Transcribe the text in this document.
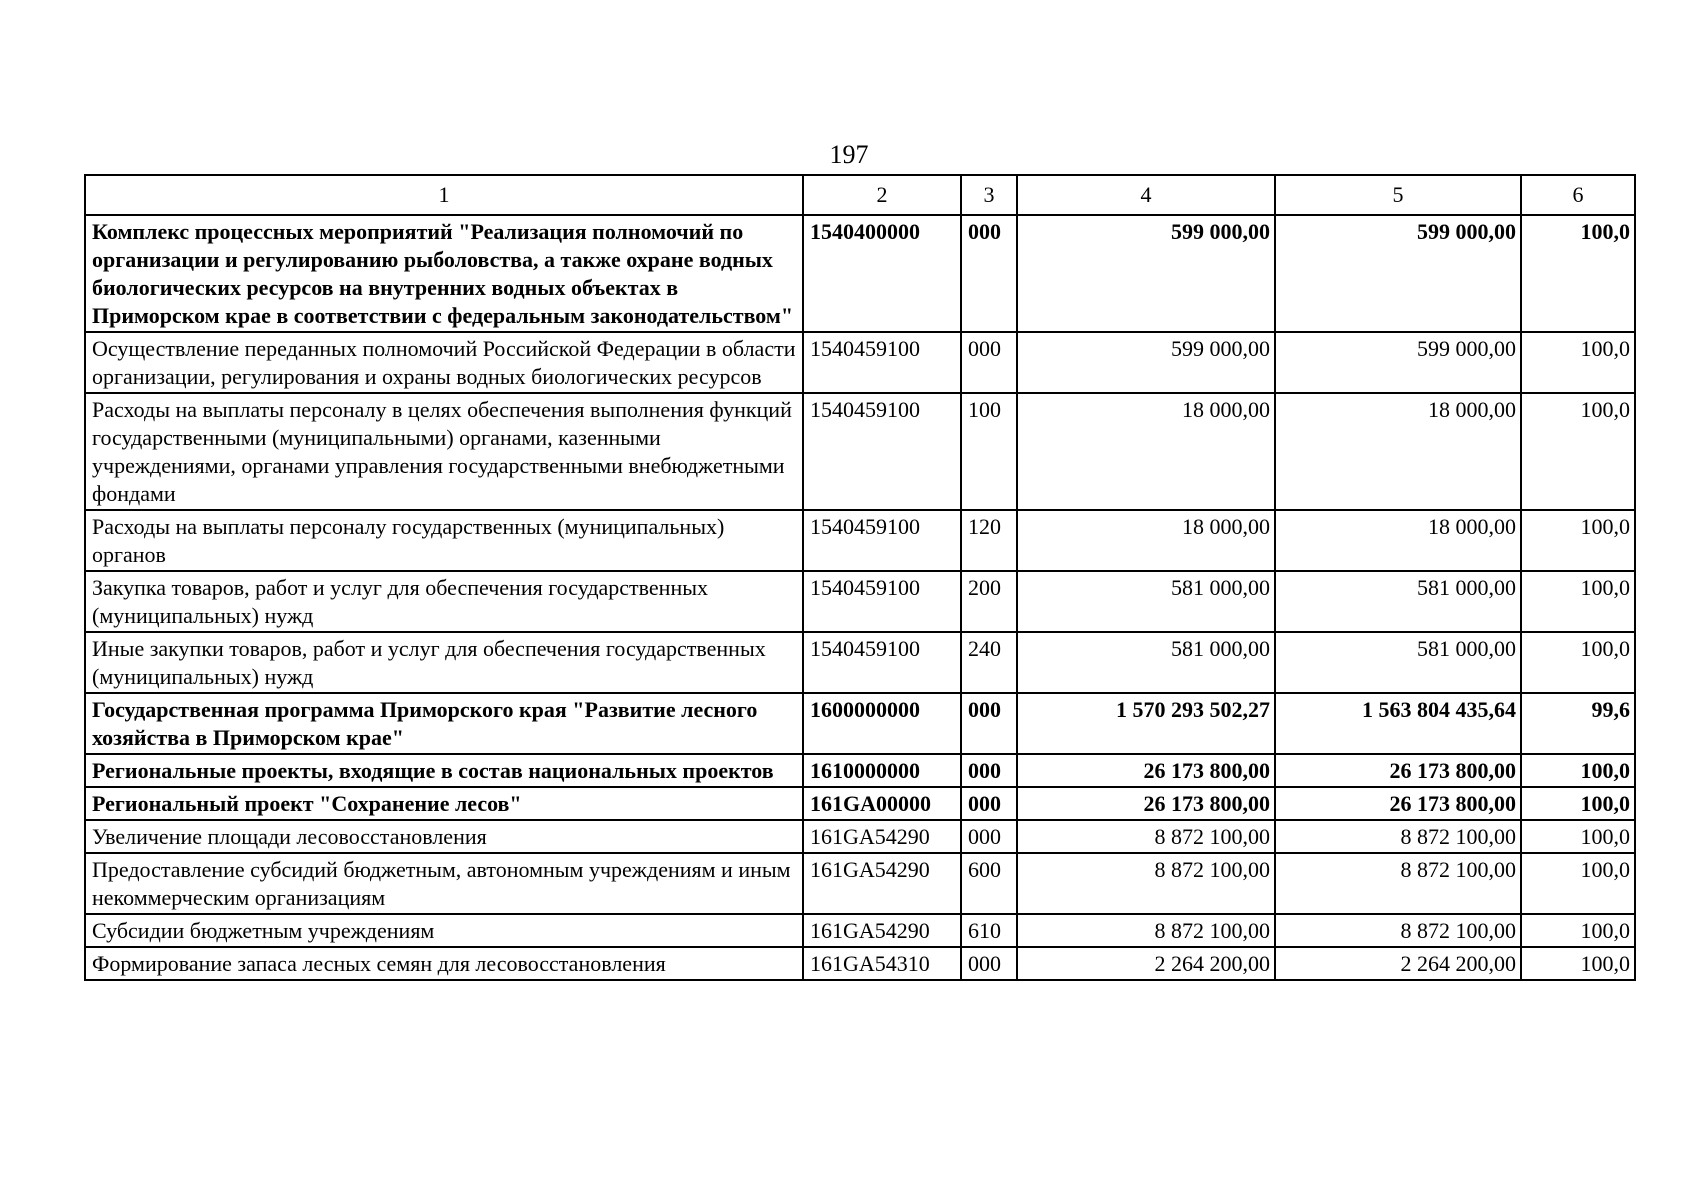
197
1	2	3	4	5	6
Комплекс процессных мероприятий "Реализация полномочий по организации и регулированию рыболовства, а также охране водных биологических ресурсов на внутренних водных объектах в Приморском крае в соответствии с федеральным законодательством"	1540400000	000	599 000,00	599 000,00	100,0
Осуществление переданных полномочий Российской Федерации в области организации, регулирования и охраны водных биологических ресурсов	1540459100	000	599 000,00	599 000,00	100,0
Расходы на выплаты персоналу в целях обеспечения выполнения функций государственными (муниципальными) органами, казенными учреждениями, органами управления государственными внебюджетными фондами	1540459100	100	18 000,00	18 000,00	100,0
Расходы на выплаты персоналу государственных (муниципальных) органов	1540459100	120	18 000,00	18 000,00	100,0
Закупка товаров, работ и услуг для обеспечения государственных (муниципальных) нужд	1540459100	200	581 000,00	581 000,00	100,0
Иные закупки товаров, работ и услуг для обеспечения государственных (муниципальных) нужд	1540459100	240	581 000,00	581 000,00	100,0
Государственная программа Приморского края "Развитие лесного хозяйства в Приморском крае"	1600000000	000	1 570 293 502,27	1 563 804 435,64	99,6
Региональные проекты, входящие в состав национальных проектов	1610000000	000	26 173 800,00	26 173 800,00	100,0
Региональный проект "Сохранение лесов"	161GA00000	000	26 173 800,00	26 173 800,00	100,0
Увеличение площади лесовосстановления	161GA54290	000	8 872 100,00	8 872 100,00	100,0
Предоставление субсидий бюджетным, автономным учреждениям и иным некоммерческим организациям	161GA54290	600	8 872 100,00	8 872 100,00	100,0
Субсидии бюджетным учреждениям	161GA54290	610	8 872 100,00	8 872 100,00	100,0
Формирование запаса лесных семян для лесовосстановления	161GA54310	000	2 264 200,00	2 264 200,00	100,0
